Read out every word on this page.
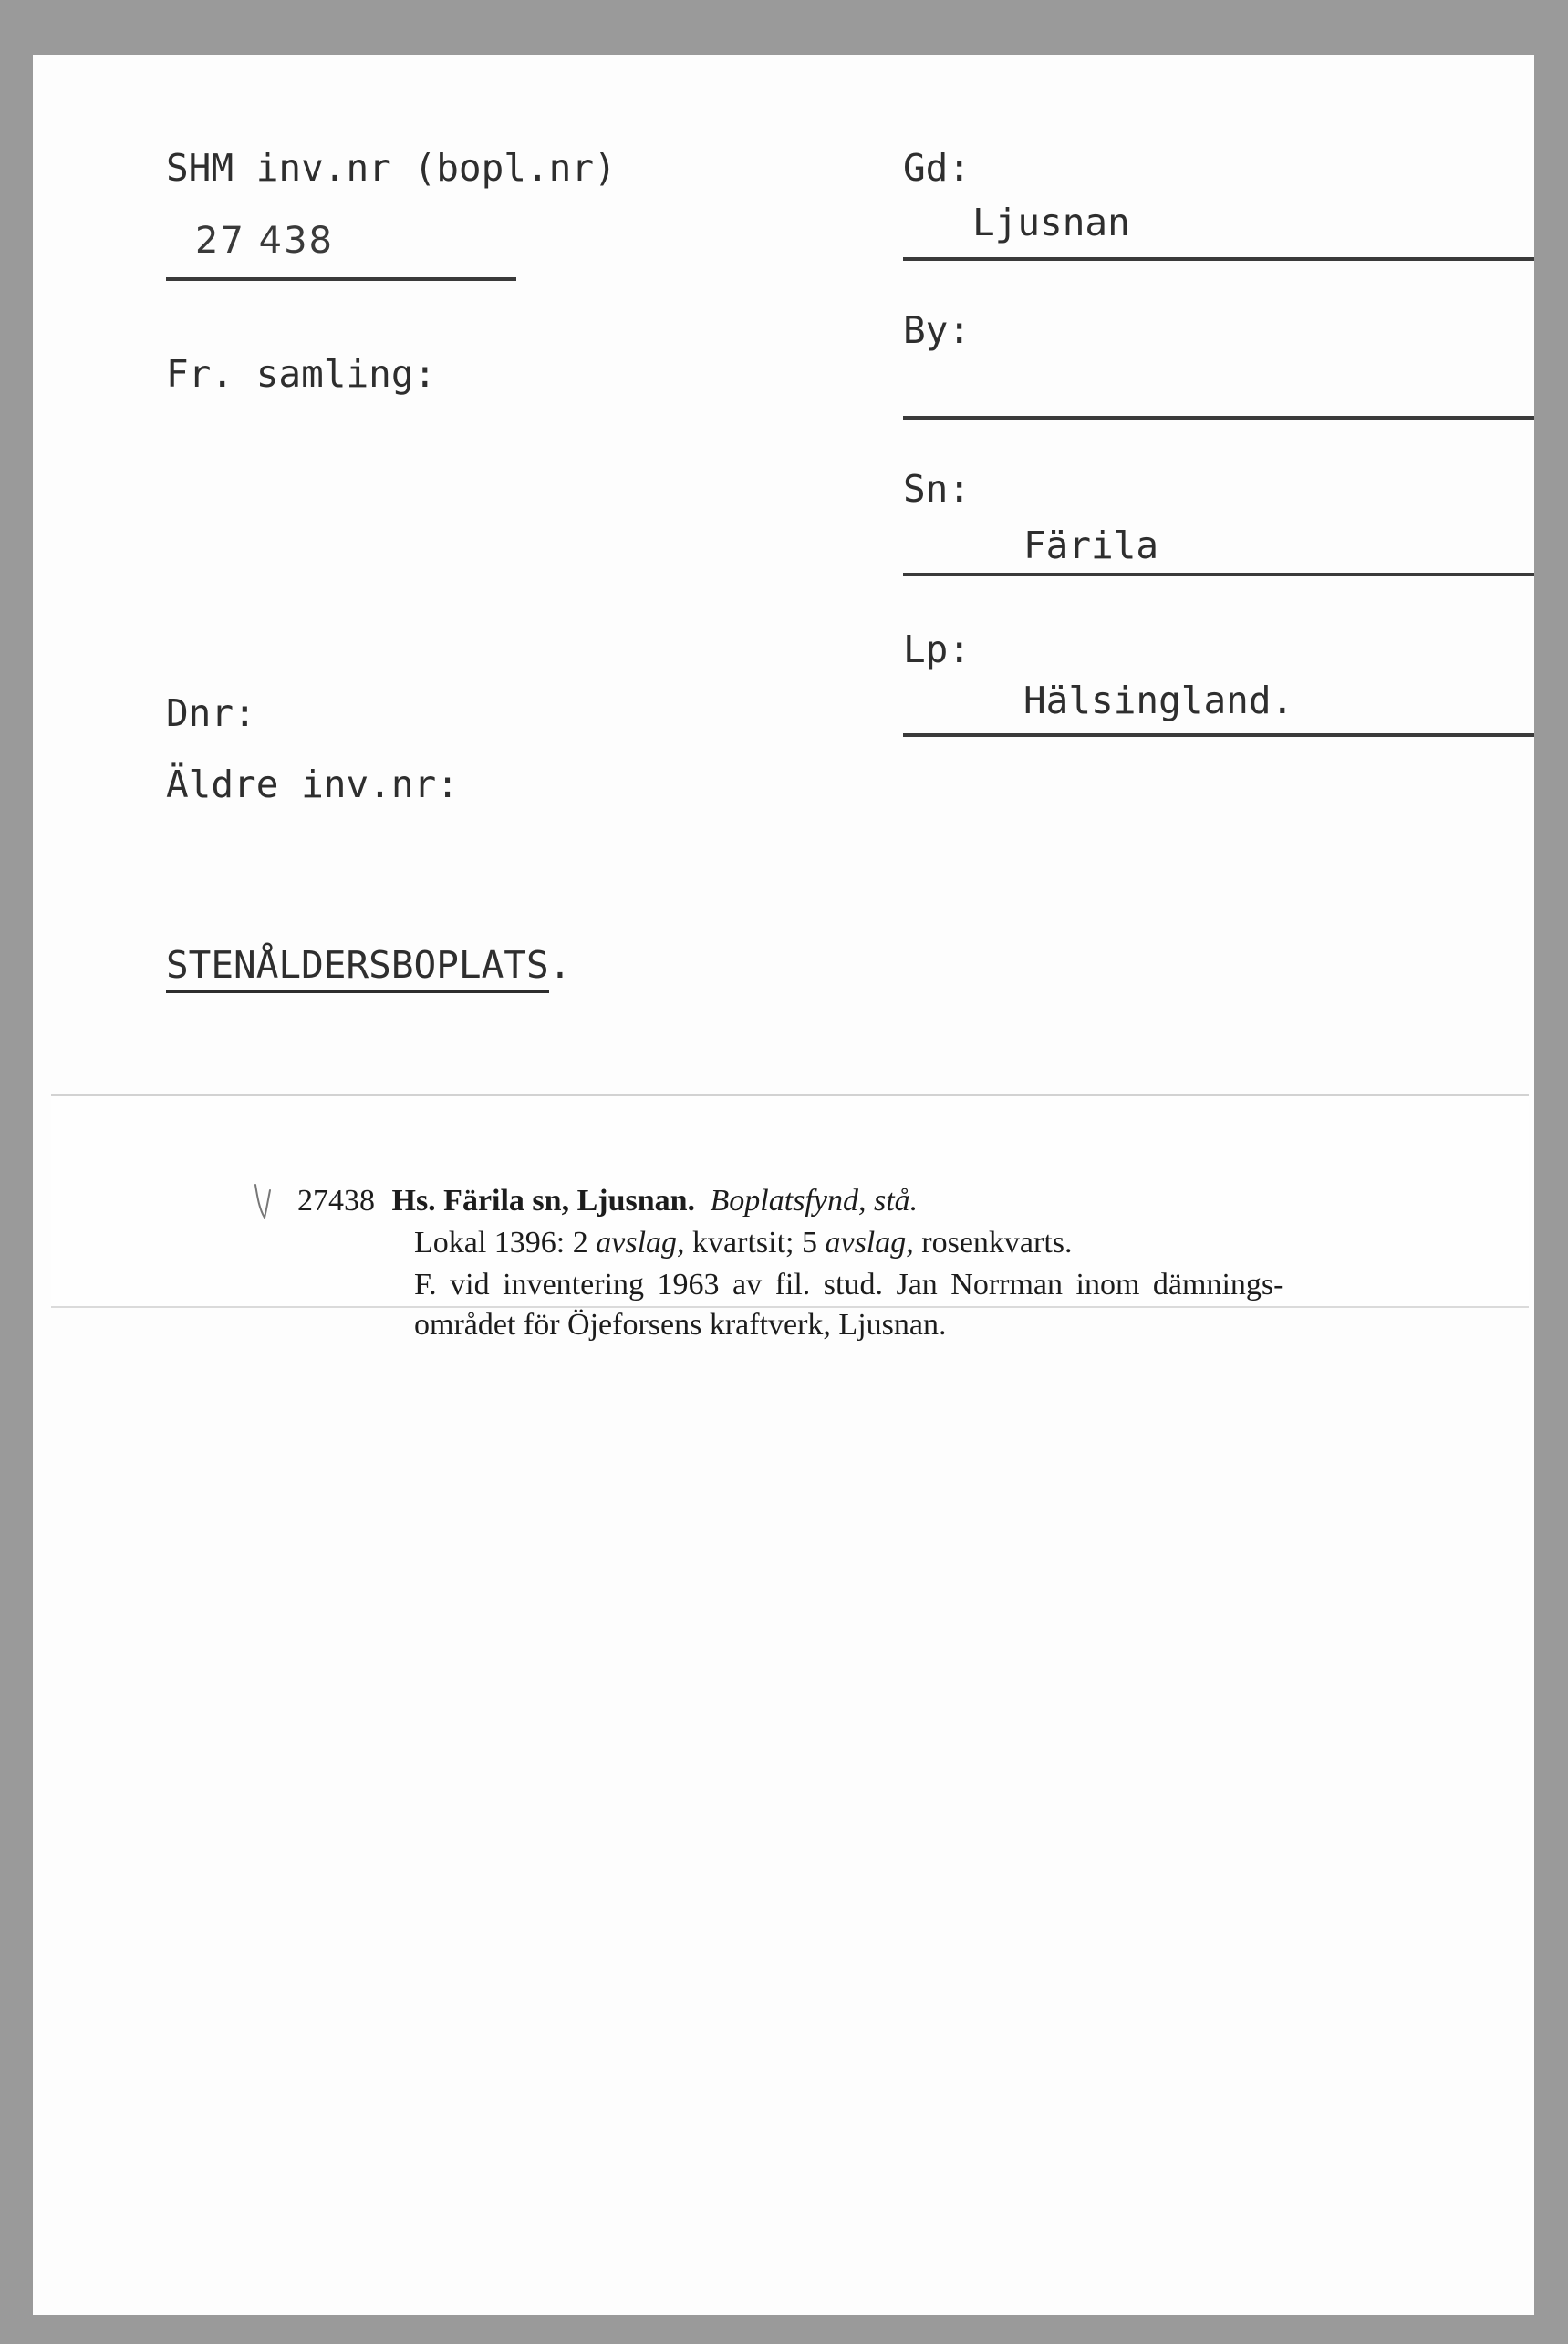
SHM inv.nr (bopl.nr)
27 438
Fr. samling:
Dnr:
Äldre inv.nr:
STENÅLDERSBOPLATS.
Gd:
Ljusnan
By:
Sn:
Färila
Lp:
Hälsingland.
27438 Hs. Färila sn, Ljusnan. Boplatsfynd, stå.
Lokal 1396: 2 avslag, kvartsit; 5 avslag, rosenkvarts.
F. vid inventering 1963 av fil. stud. Jan Norrman inom dämnings-
området för Öjeforsens kraftverk, Ljusnan.
